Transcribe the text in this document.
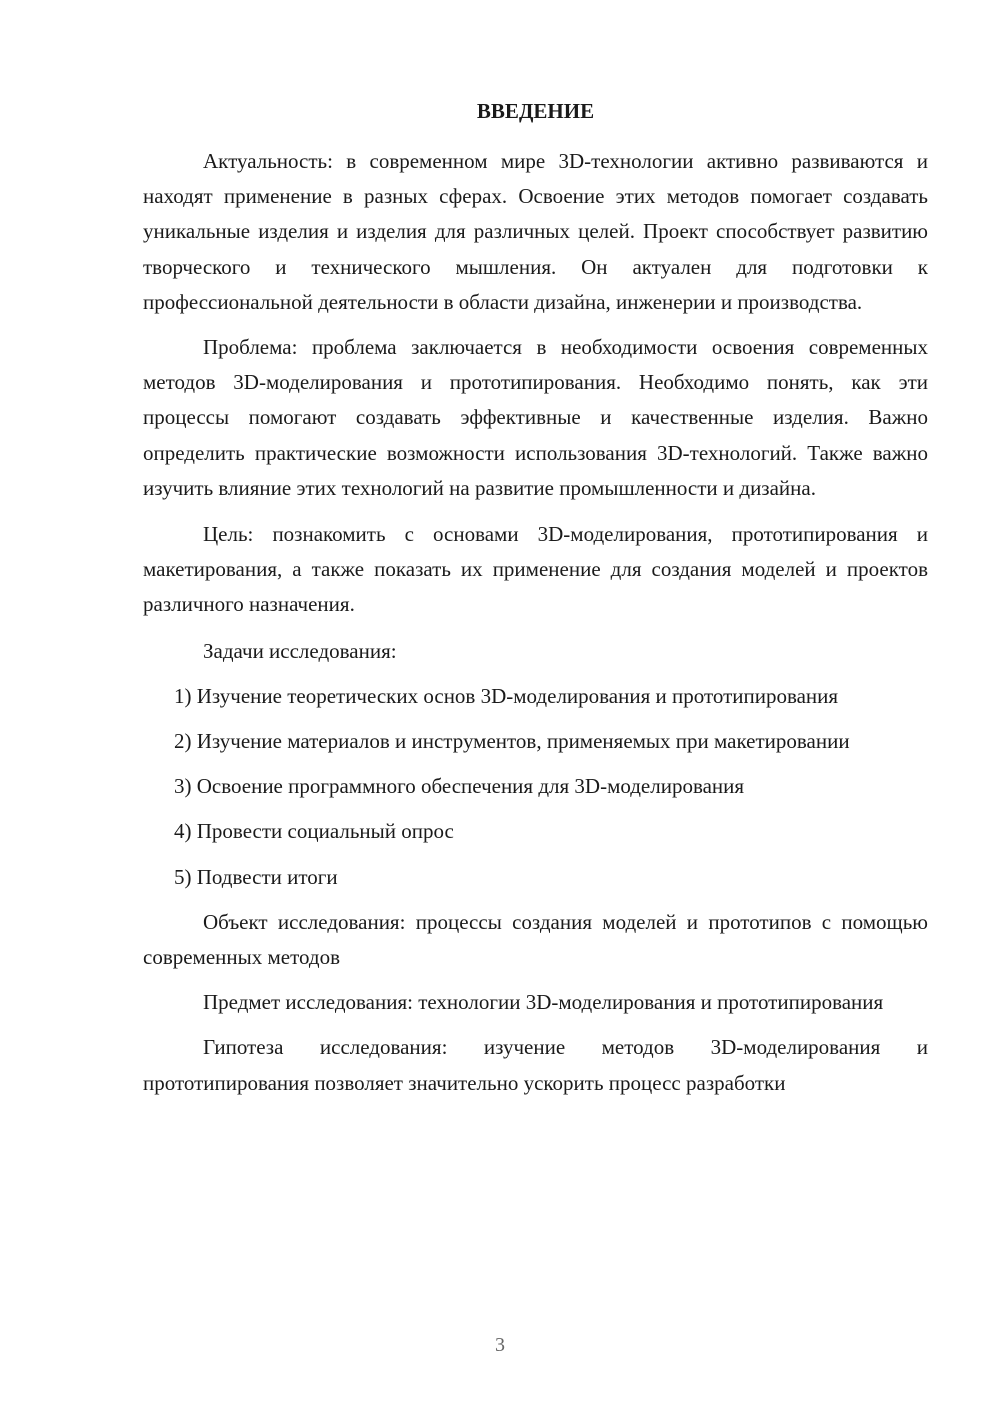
ВВЕДЕНИЕ

Актуальность: в современном мире 3D-технологии активно развиваются и находят применение в разных сферах. Освоение этих методов помогает создавать уникальные изделия и изделия для различных целей. Проект способствует развитию творческого и технического мышления. Он актуален для подготовки к профессиональной деятельности в области дизайна, инженерии и производства.

Проблема: проблема заключается в необходимости освоения современных методов 3D-моделирования и прототипирования. Необходимо понять, как эти процессы помогают создавать эффективные и качественные изделия. Важно определить практические возможности использования 3D-технологий. Также важно изучить влияние этих технологий на развитие промышленности и дизайна.

Цель: познакомить с основами 3D-моделирования, прототипирования и макетирования, а также показать их применение для создания моделей и проектов различного назначения.

Задачи исследования:

1) Изучение теоретических основ 3D-моделирования и прототипирования

2) Изучение материалов и инструментов, применяемых при макетировании

3) Освоение программного обеспечения для 3D-моделирования

4) Провести социальный опрос

5) Подвести итоги

Объект исследования: процессы создания моделей и прототипов с помощью современных методов

Предмет исследования: технологии 3D-моделирования и прототипирования

Гипотеза исследования: изучение методов 3D-моделирования и прототипирования позволяет значительно ускорить процесс разработки

3
